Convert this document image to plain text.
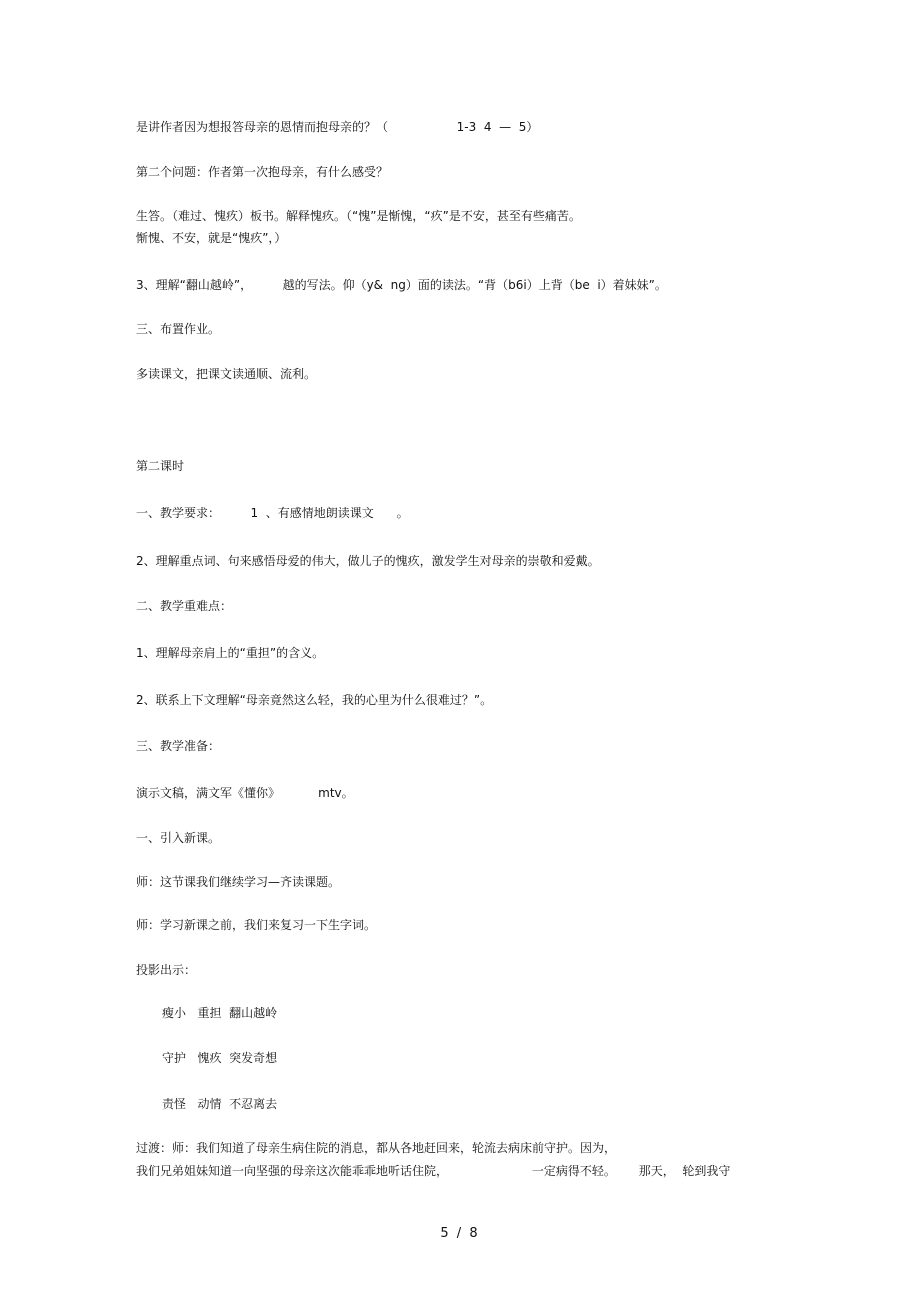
是讲作者因为想报答母亲的恩情而抱母亲的？（                  1-3  4  —  5）
第二个问题：作者第一次抱母亲，有什么感受？
生答。（难过、愧疚）板书。解释愧疚。（“愧”是惭愧，“疚”是不安，甚至有些痛苦。
惭愧、不安，就是“愧疚”，）
3、理解“翻山越岭”，        越的写法。仰（y&  ng）面的读法。“背（b6i）上背（be  i）着妹妹”。
三、布置作业。
多读课文，把课文读通顺、流利。
第二课时
一、教学要求：        1  、有感情地朗读课文      。
2、理解重点词、句来感悟母爱的伟大，做儿子的愧疚，激发学生对母亲的崇敬和爱戴。
二、教学重难点：
1、理解母亲肩上的“重担”的含义。
2、联系上下文理解“母亲竟然这么轻，我的心里为什么很难过？”。
三、教学准备：
演示文稿，满文军《懂你》          mtv。
一、引入新课。
师：这节课我们继续学习—齐读课题。
师：学习新课之前，我们来复习一下生字词。
投影出示：
瘦小   重担  翻山越岭
守护   愧疚  突发奇想
责怪   动情  不忍离去
过渡：师：我们知道了母亲生病住院的消息，都从各地赶回来，轮流去病床前守护。因为，
我们兄弟姐妹知道一向坚强的母亲这次能乖乖地听话住院，                      一定病得不轻。      那天，  轮到我守
5 / 8
